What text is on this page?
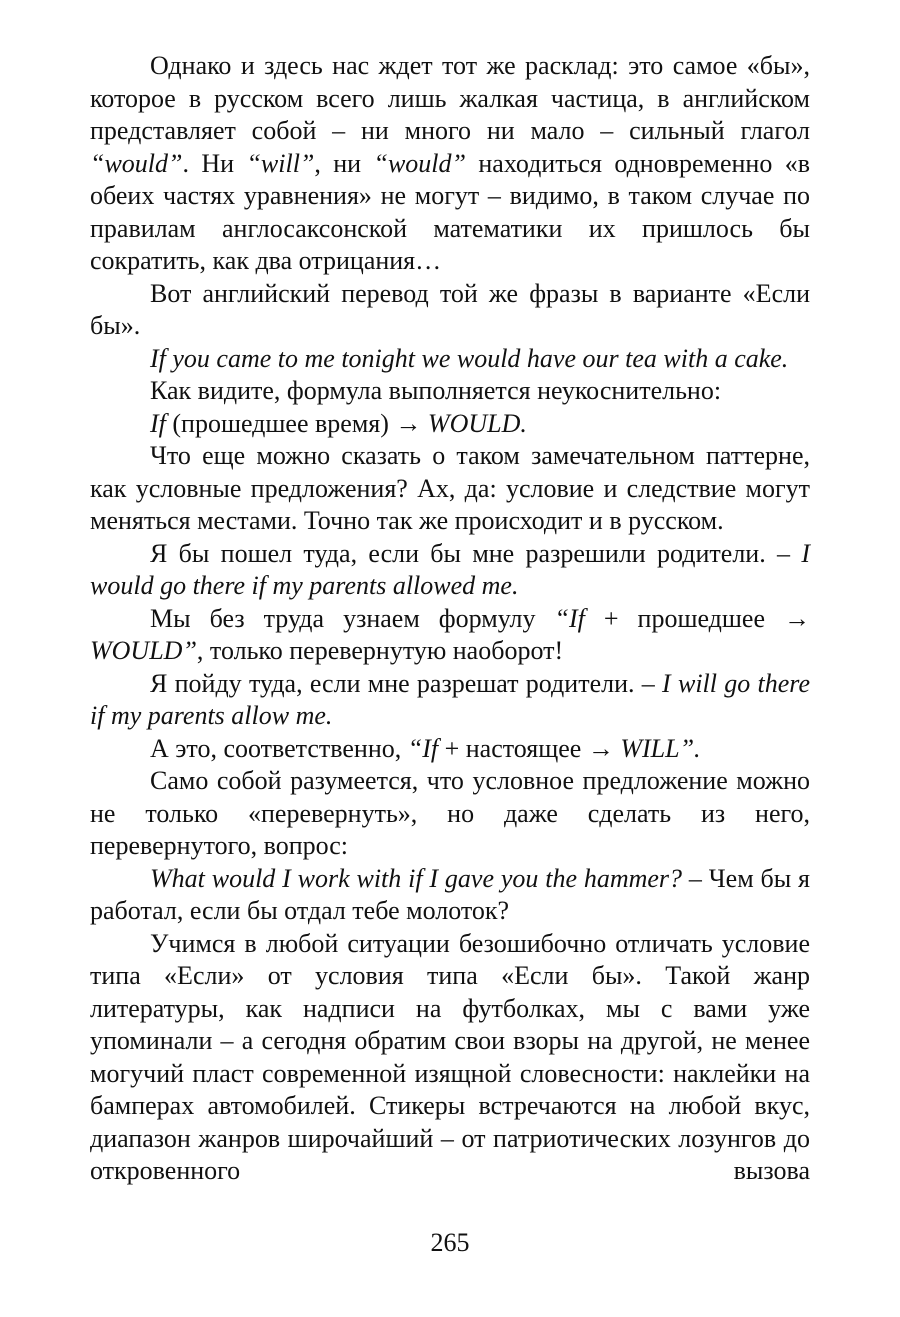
Однако и здесь нас ждет тот же расклад: это самое «бы», которое в русском всего лишь жалкая частица, в английском представляет собой – ни много ни мало – сильный глагол “would”. Ни “will”, ни “would” находиться одновременно «в обеих частях уравнения» не могут – видимо, в таком случае по правилам англосаксонской математики их пришлось бы сократить, как два отрицания…

Вот английский перевод той же фразы в варианте «Если бы».

If you came to me tonight we would have our tea with a cake.

Как видите, формула выполняется неукоснительно:

If (прошедшее время) → WOULD.

Что еще можно сказать о таком замечательном паттерне, как условные предложения? Ах, да: условие и следствие могут меняться местами. Точно так же происходит и в русском.

Я бы пошел туда, если бы мне разрешили родители. – I would go there if my parents allowed me.

Мы без труда узнаем формулу “If + прошедшее → WOULD”, только перевернутую наоборот!

Я пойду туда, если мне разрешат родители. – I will go there if my parents allow me.

А это, соответственно, “If + настоящее → WILL”.

Само собой разумеется, что условное предложение можно не только «перевернуть», но даже сделать из него, перевернутого, вопрос:

What would I work with if I gave you the hammer? – Чем бы я работал, если бы отдал тебе молоток?

Учимся в любой ситуации безошибочно отличать условие типа «Если» от условия типа «Если бы». Такой жанр литературы, как надписи на футболках, мы с вами уже упоминали – а сегодня обратим свои взоры на другой, не менее могучий пласт современной изящной словесности: наклейки на бамперах автомобилей. Стикеры встречаются на любой вкус, диапазон жанров широчайший – от патриотических лозунгов до откровенного вызова

265
